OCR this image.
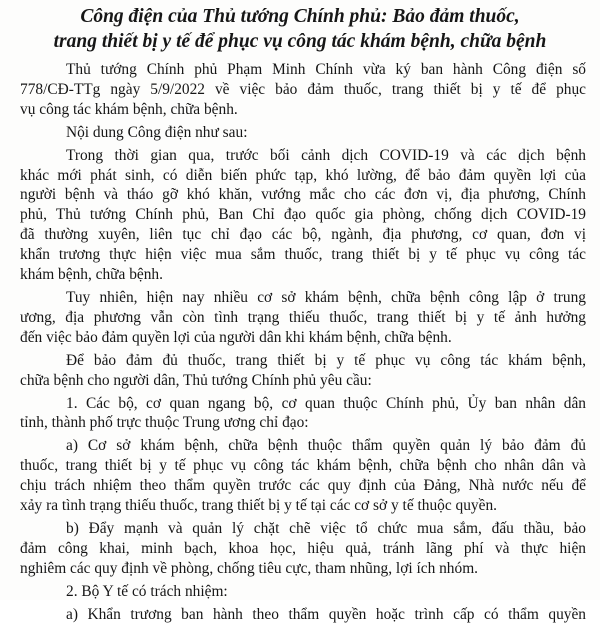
Công điện của Thủ tướng Chính phủ: Bảo đảm thuốc,
trang thiết bị y tế để phục vụ công tác khám bệnh, chữa bệnh

Thủ tướng Chính phủ Phạm Minh Chính vừa ký ban hành Công điện số
778/CĐ-TTg ngày 5/9/2022 về việc bảo đảm thuốc, trang thiết bị y tế để phục
vụ công tác khám bệnh, chữa bệnh.

Nội dung Công điện như sau:

Trong thời gian qua, trước bối cảnh dịch COVID-19 và các dịch bệnh
khác mới phát sinh, có diễn biến phức tạp, khó lường, để bảo đảm quyền lợi của
người bệnh và tháo gỡ khó khăn, vướng mắc cho các đơn vị, địa phương, Chính
phủ, Thủ tướng Chính phủ, Ban Chỉ đạo quốc gia phòng, chống dịch COVID-19
đã thường xuyên, liên tục chỉ đạo các bộ, ngành, địa phương, cơ quan, đơn vị
khẩn trương thực hiện việc mua sắm thuốc, trang thiết bị y tế phục vụ công tác
khám bệnh, chữa bệnh.

Tuy nhiên, hiện nay nhiều cơ sở khám bệnh, chữa bệnh công lập ở trung
ương, địa phương vẫn còn tình trạng thiếu thuốc, trang thiết bị y tế ảnh hưởng
đến việc bảo đảm quyền lợi của người dân khi khám bệnh, chữa bệnh.

Để bảo đảm đủ thuốc, trang thiết bị y tế phục vụ công tác khám bệnh,
chữa bệnh cho người dân, Thủ tướng Chính phủ yêu cầu:

1. Các bộ, cơ quan ngang bộ, cơ quan thuộc Chính phủ, Ủy ban nhân dân
tỉnh, thành phố trực thuộc Trung ương chỉ đạo:

a) Cơ sở khám bệnh, chữa bệnh thuộc thẩm quyền quản lý bảo đảm đủ
thuốc, trang thiết bị y tế phục vụ công tác khám bệnh, chữa bệnh cho nhân dân và
chịu trách nhiệm theo thẩm quyền trước các quy định của Đảng, Nhà nước nếu để
xảy ra tình trạng thiếu thuốc, trang thiết bị y tế tại các cơ sở y tế thuộc quyền.

b) Đẩy mạnh và quản lý chặt chẽ việc tổ chức mua sắm, đấu thầu, bảo
đảm công khai, minh bạch, khoa học, hiệu quả, tránh lãng phí và thực hiện
nghiêm các quy định về phòng, chống tiêu cực, tham nhũng, lợi ích nhóm.

2. Bộ Y tế có trách nhiệm:

a) Khẩn trương ban hành theo thẩm quyền hoặc trình cấp có thẩm quyền
